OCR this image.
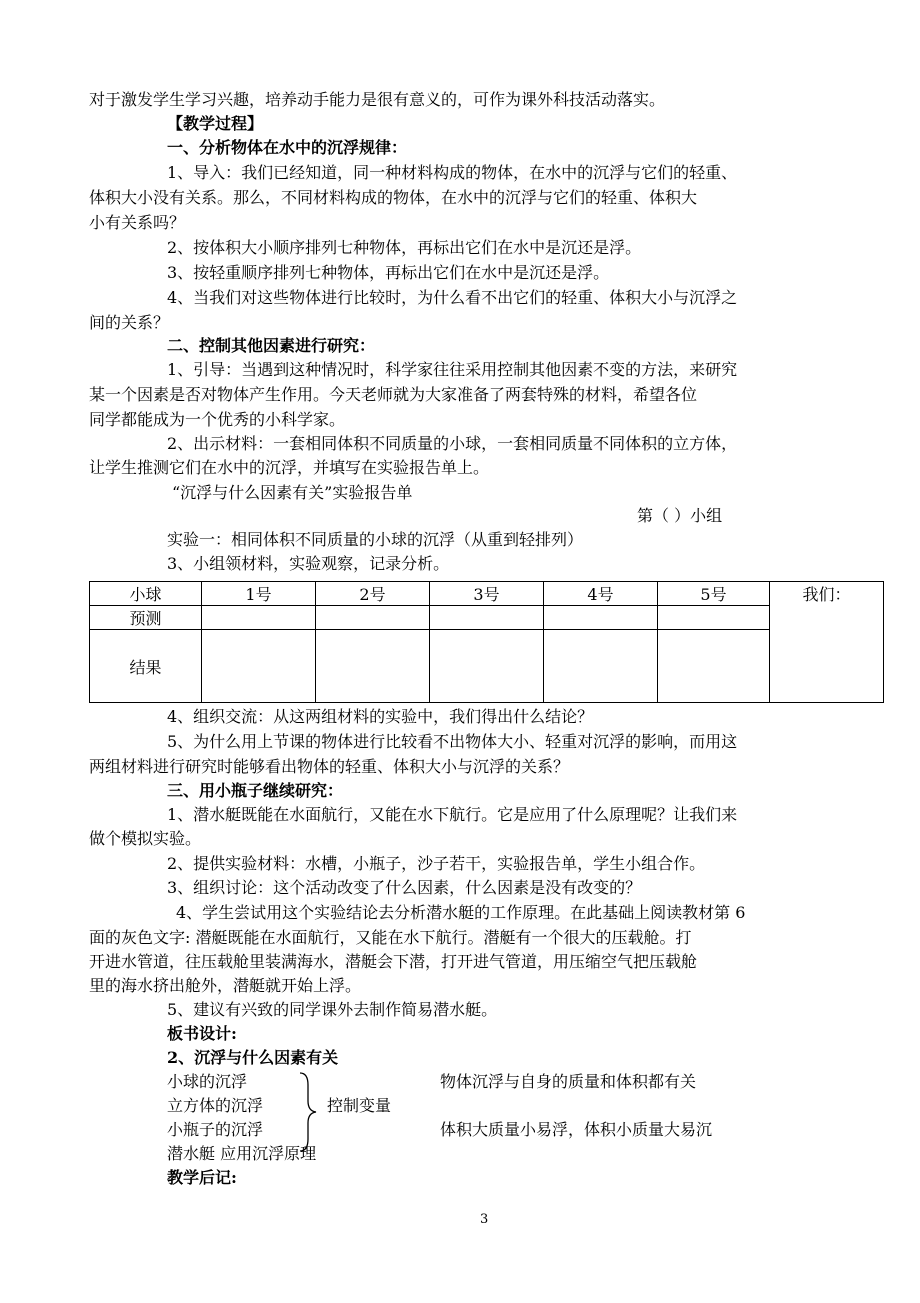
对于激发学生学习兴趣，培养动手能力是很有意义的，可作为课外科技活动落实。
【教学过程】
一、分析物体在水中的沉浮规律：
1、导入：我们已经知道，同一种材料构成的物体，在水中的沉浮与它们的轻重、
体积大小没有关系。那么，不同材料构成的物体，在水中的沉浮与它们的轻重、体积大
小有关系吗？
2、按体积大小顺序排列七种物体，再标出它们在水中是沉还是浮。
3、按轻重顺序排列七种物体，再标出它们在水中是沉还是浮。
4、当我们对这些物体进行比较时，为什么看不出它们的轻重、体积大小与沉浮之
间的关系？
二、控制其他因素进行研究：
1、引导：当遇到这种情况时，科学家往往采用控制其他因素不变的方法，来研究
某一个因素是否对物体产生作用。今天老师就为大家准备了两套特殊的材料，希望各位
同学都能成为一个优秀的小科学家。
2、出示材料：一套相同体积不同质量的小球，一套相同质量不同体积的立方体，
让学生推测它们在水中的沉浮，并填写在实验报告单上。
“沉浮与什么因素有关”实验报告单
第（ ）小组
实验一：相同体积不同质量的小球的沉浮（从重到轻排列）
3、小组领材料，实验观察，记录分析。
小球	1号	2号	3号	4号	5号	我们：
预测						
结果						
4、组织交流：从这两组材料的实验中，我们得出什么结论？
5、为什么用上节课的物体进行比较看不出物体大小、轻重对沉浮的影响，而用这
两组材料进行研究时能够看出物体的轻重、体积大小与沉浮的关系？
三、用小瓶子继续研究：
1、潜水艇既能在水面航行，又能在水下航行。它是应用了什么原理呢？让我们来
做个模拟实验。
2、提供实验材料：水槽，小瓶子，沙子若干，实验报告单，学生小组合作。
3、组织讨论：这个活动改变了什么因素，什么因素是没有改变的？
4、学生尝试用这个实验结论去分析潜水艇的工作原理。在此基础上阅读教材第 6
面的灰色文字: 潜艇既能在水面航行，又能在水下航行。潜艇有一个很大的压载舱。打
开进水管道，往压载舱里装满海水，潜艇会下潜，打开进气管道，用压缩空气把压载舱
里的海水挤出舱外，潜艇就开始上浮。
5、建议有兴致的同学课外去制作简易潜水艇。
板书设计:
2、沉浮与什么因素有关
小球的沉浮
立方体的沉浮
小瓶子的沉浮
潜水艇 应用沉浮原理
控制变量
物体沉浮与自身的质量和体积都有关
体积大质量小易浮，体积小质量大易沉
教学后记:
3
